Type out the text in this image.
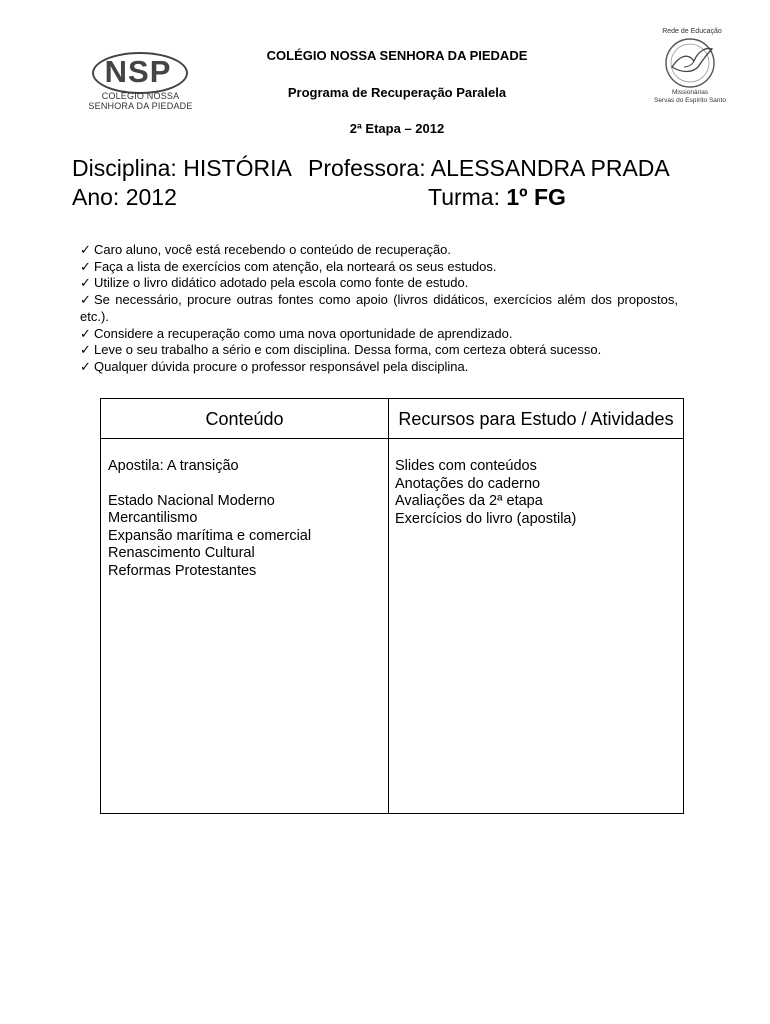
NSP
COLÉGIO NOSSA
SENHORA DA PIEDADE
Rede de Educação
Missionárias
Servas do Espírito Santo
COLÉGIO NOSSA SENHORA DA PIEDADE
Programa de Recuperação Paralela
2ª Etapa – 2012
Disciplina: HISTÓRIA Professora: ALESSANDRA PRADA
Ano: 2012	Turma: 1º FG
✓ Caro aluno, você está recebendo o conteúdo de recuperação.
✓ Faça a lista de exercícios com atenção, ela norteará os seus estudos.
✓ Utilize o livro didático adotado pela escola como fonte de estudo.
✓ Se necessário, procure outras fontes como apoio (livros didáticos, exercícios além dos propostos, etc.).
✓ Considere a recuperação como uma nova oportunidade de aprendizado.
✓ Leve o seu trabalho a sério e com disciplina. Dessa forma, com certeza obterá sucesso.
✓ Qualquer dúvida procure o professor responsável pela disciplina.
Conteúdo	Recursos para Estudo / Atividades
Apostila: A transição
Estado Nacional Moderno
Mercantilismo
Expansão marítima e comercial
Renascimento Cultural
Reformas Protestantes
Slides com conteúdos
Anotações do caderno
Avaliações da 2ª etapa
Exercícios do livro (apostila)
